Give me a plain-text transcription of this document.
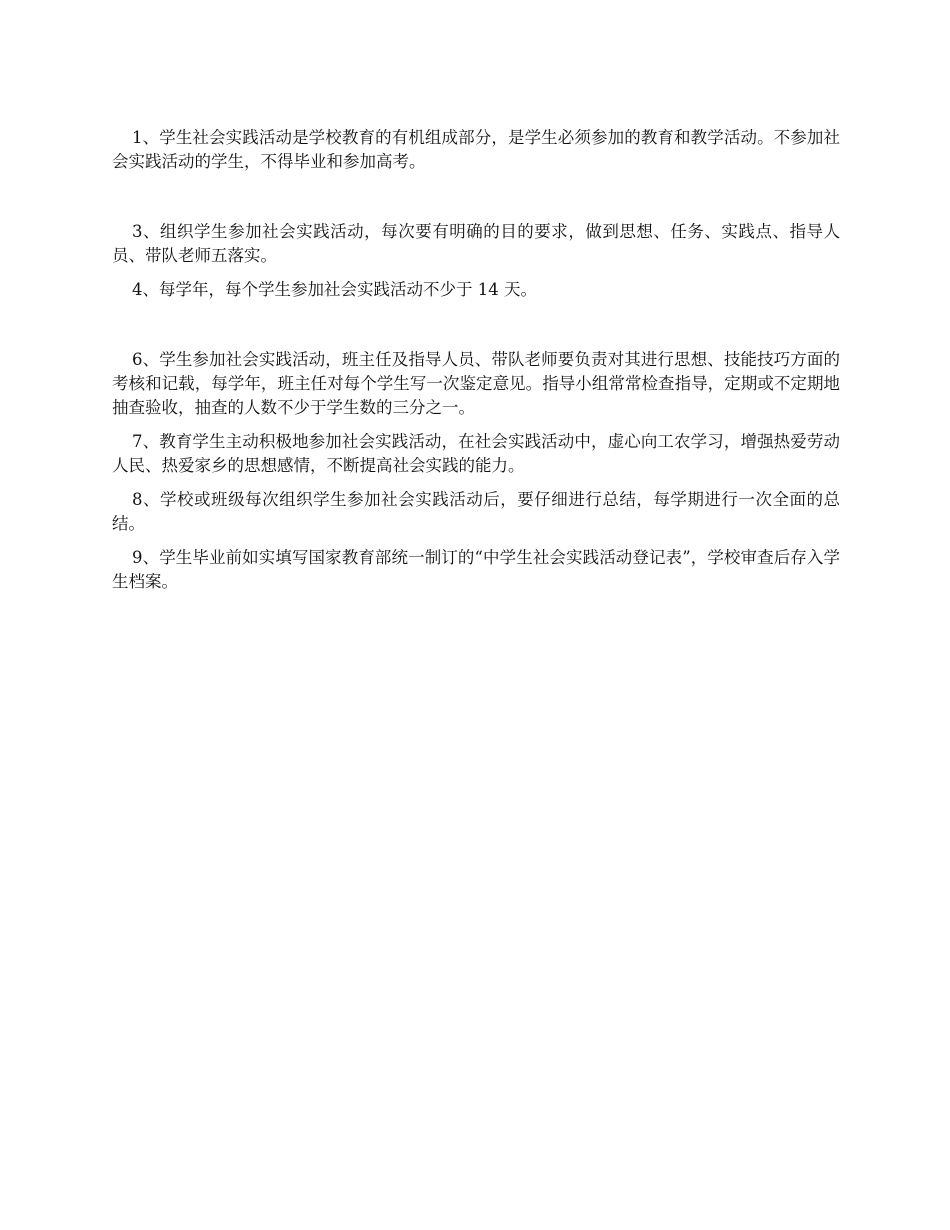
1、学生社会实践活动是学校教育的有机组成部分，是学生必须参加的教育和教学活动。不参加社会实践活动的学生，不得毕业和参加高考。

3、组织学生参加社会实践活动，每次要有明确的目的要求，做到思想、任务、实践点、指导人员、带队老师五落实。

4、每学年，每个学生参加社会实践活动不少于 14 天。

6、学生参加社会实践活动，班主任及指导人员、带队老师要负责对其进行思想、技能技巧方面的考核和记载，每学年，班主任对每个学生写一次鉴定意见。指导小组常常检查指导，定期或不定期地抽查验收，抽查的人数不少于学生数的三分之一。

7、教育学生主动积极地参加社会实践活动，在社会实践活动中，虚心向工农学习，增强热爱劳动人民、热爱家乡的思想感情，不断提高社会实践的能力。

8、学校或班级每次组织学生参加社会实践活动后，要仔细进行总结，每学期进行一次全面的总结。

9、学生毕业前如实填写国家教育部统一制订的“中学生社会实践活动登记表”，学校审查后存入学生档案。
